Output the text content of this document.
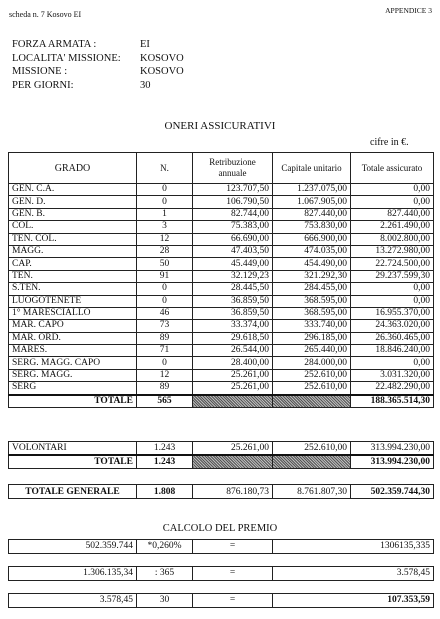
scheda n. 7 Kosovo EI	APPENDICE 3
FORZA ARMATA :	EI
LOCALITA' MISSIONE:	KOSOVO
MISSIONE :	KOSOVO
PER GIORNI:	30
ONERI ASSICURATIVI
cifre in €.
GRADO	N.	Retribuzione annuale	Capitale unitario	Totale assicurato
GEN. C.A.	0	123.707,50	1.237.075,00	0,00
GEN. D.	0	106.790,50	1.067.905,00	0,00
GEN. B.	1	82.744,00	827.440,00	827.440,00
COL.	3	75.383,00	753.830,00	2.261.490,00
TEN. COL.	12	66.690,00	666.900,00	8.002.800,00
MAGG.	28	47.403,50	474.035,00	13.272.980,00
CAP.	50	45.449,00	454.490,00	22.724.500,00
TEN.	91	32.129,23	321.292,30	29.237.599,30
S.TEN.	0	28.445,50	284.455,00	0,00
LUOGOTENETE	0	36.859,50	368.595,00	0,00
1° MARESCIALLO	46	36.859,50	368.595,00	16.955.370,00
MAR. CAPO	73	33.374,00	333.740,00	24.363.020,00
MAR. ORD.	89	29.618,50	296.185,00	26.360.465,00
MARES.	71	26.544,00	265.440,00	18.846.240,00
SERG. MAGG. CAPO	0	28.400,00	284.000,00	0,00
SERG. MAGG.	12	25.261,00	252.610,00	3.031.320,00
SERG	89	25.261,00	252.610,00	22.482.290,00
TOTALE	565			188.365.514,30
VOLONTARI	1.243	25.261,00	252.610,00	313.994.230,00
TOTALE	1.243			313.994.230,00
TOTALE GENERALE	1.808	876.180,73	8.761.807,30	502.359.744,30
CALCOLO DEL PREMIO
502.359.744	*0,260%	=	1306135,335
1.306.135,34	: 365	=	3.578,45
3.578,45	30	=	107.353,59
